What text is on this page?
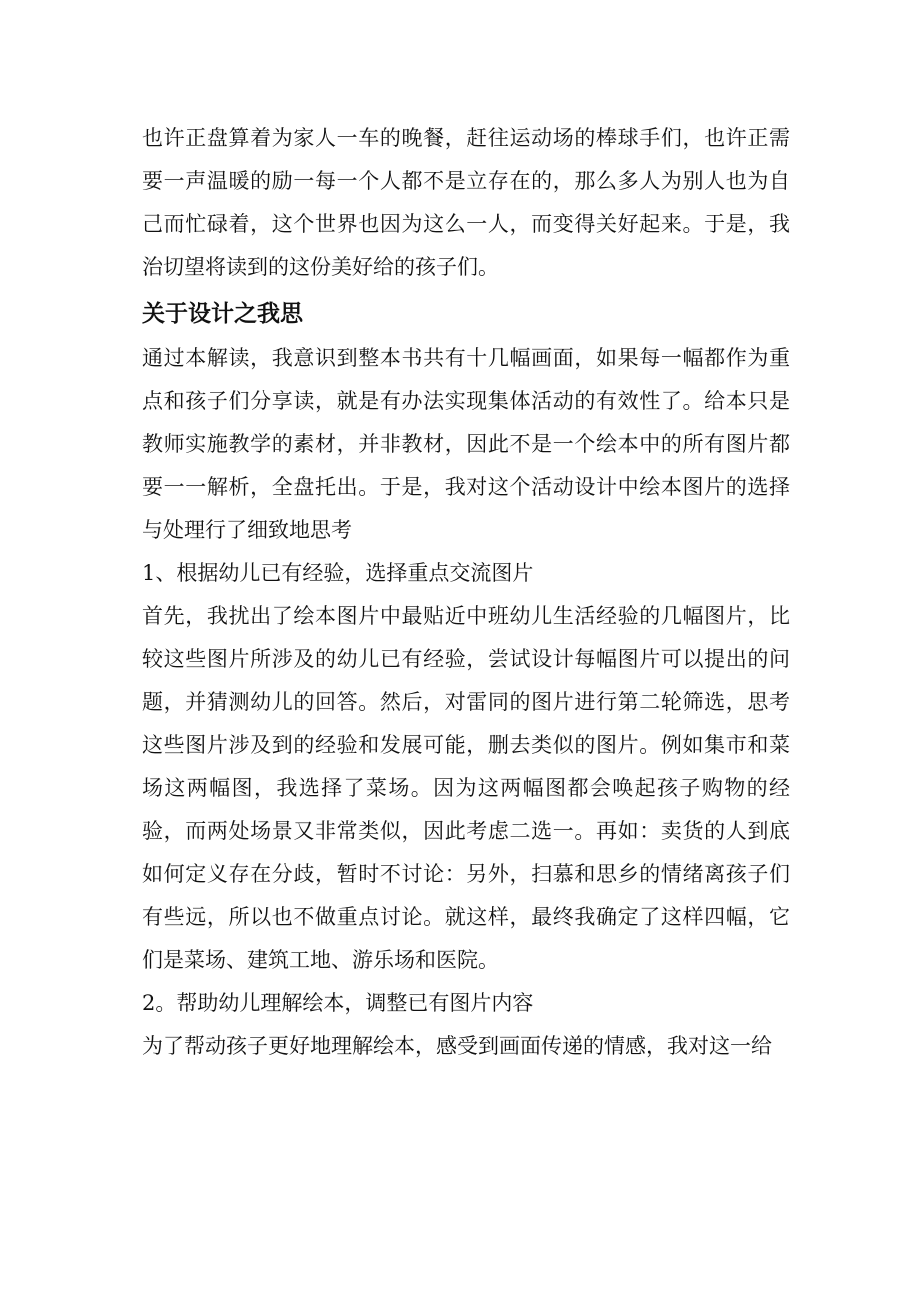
也许正盘算着为家人一车的晚餐，赶往运动场的棒球手们，也许正需要一声温暖的励一每一个人都不是立存在的，那么多人为别人也为自己而忙碌着，这个世界也因为这么一人，而变得关好起来。于是，我治切望将读到的这份美好给的孩子们。

关于设计之我思

通过本解读，我意识到整本书共有十几幅画面，如果每一幅都作为重点和孩子们分享读，就是有办法实现集体活动的有效性了。给本只是教师实施教学的素材，并非教材，因此不是一个绘本中的所有图片都要一一解析，全盘托出。于是，我对这个活动设计中绘本图片的选择与处理行了细致地思考

1、根据幼儿已有经验，选择重点交流图片

首先，我扰出了绘本图片中最贴近中班幼儿生活经验的几幅图片，比较这些图片所涉及的幼儿已有经验，尝试设计每幅图片可以提出的问题，并猜测幼儿的回答。然后，对雷同的图片进行第二轮筛选，思考这些图片涉及到的经验和发展可能，删去类似的图片。例如集市和菜场这两幅图，我选择了菜场。因为这两幅图都会唤起孩子购物的经验，而两处场景又非常类似，因此考虑二选一。再如：卖货的人到底如何定义存在分歧，暂时不讨论：另外，扫慕和思乡的情绪离孩子们有些远，所以也不做重点讨论。就这样，最终我确定了这样四幅，它们是菜场、建筑工地、游乐场和医院。

2。帮助幼儿理解绘本，调整已有图片内容

为了帮动孩子更好地理解绘本，感受到画面传递的情感，我对这一给
